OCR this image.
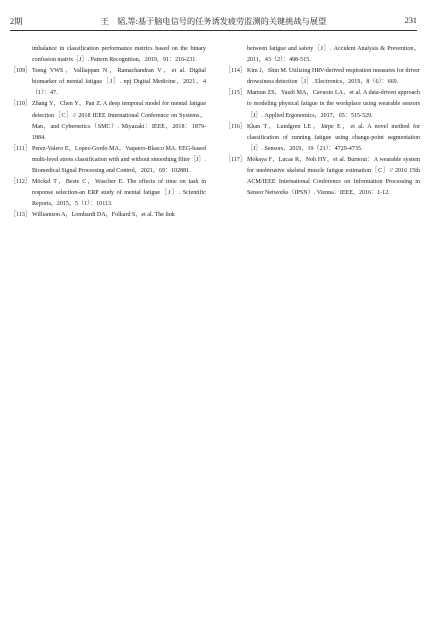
2期	王　韬,等:基于脑电信号的任务诱发疲劳监测的关键挑战与展望	231
imbalance in classification performance metrics based on the binary confusion matrix［J］. Pattern Recognition，2019，91：216-231.
［109］ Tseng VWS，Valliappan N，Ramachandran V，et al. Digital biomarker of mental fatigue［J］. npj Digital Medicine，2021，4（1）：47.
［110］ Zhang Y，Chen Y，Pan Z. A deep temporal model for mental fatigue detection［C］// 2018 IEEE International Conference on Systems，Man，and Cybernetics（SMC）. Miyazaki：IEEE，2018：1879-1884.
［111］ Perez-Valero E，Lopez-Gordo MA，Vaquero-Blasco MA. EEG-based multi-level stress classification with and without smoothing filter［J］. Biomedical Signal Processing and Control，2021，69：102881.
［112］ Möckel T，Beste C，Wascher E. The effects of time on task in response selection-an ERP study of mental fatigue［J］. Scientific Reports，2015，5（1）：10113.
［113］ Williamson A，Lombardi DA，Folkard S，et al. The link
between fatigue and safety［J］. Accident Analysis & Prevention，2011，43（2）：498-515.
［114］ Kim J，Shin M. Utilizing HRV-derived respiration measures for driver drowsiness detection［J］. Electronics，2019，8（6）：669.
［115］ Mamun ZS，Yazdi MA，Cavuoto LA，et al. A data-driven approach to modeling physical fatigue in the workplace using wearable sensors［J］. Applied Ergonomics，2017，65：515-529.
［116］ Khan T，Lundgren LE，Järpe E，et al. A novel method for classification of running fatigue using change-point segmentation［J］. Sensors，2019，19（21）：4729-4735.
［117］ Mokaya F，Lucas R，Noh HY，et al. Burnout：A wearable system for unobtrusive skeletal muscle fatigue estimation［C］// 2016 15th ACM/IEEE International Conference on Information Processing in Sensor Networks（IPSN）. Vienna：IEEE，2016：1-12.
